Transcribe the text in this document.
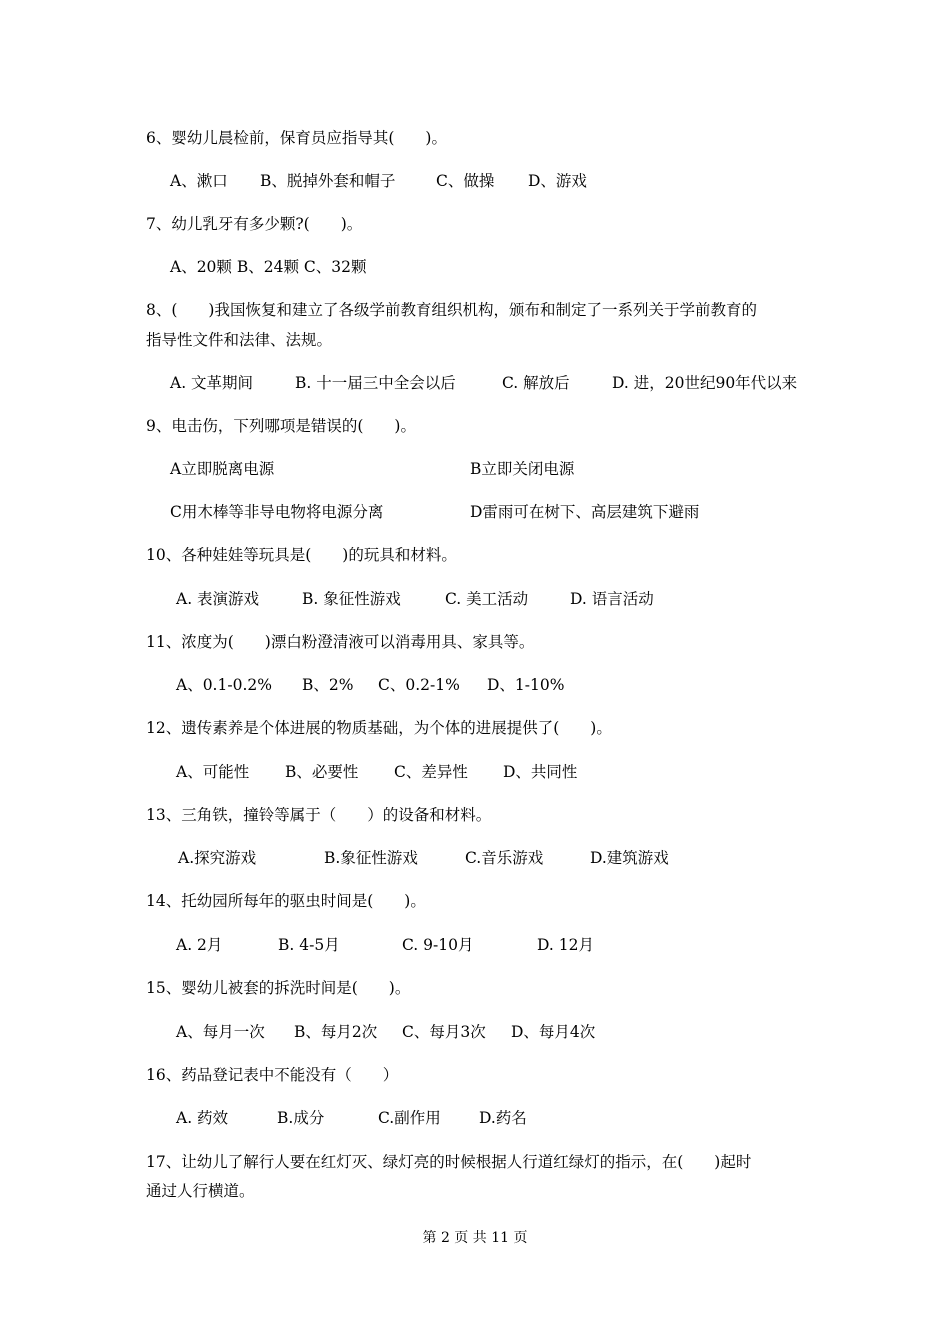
6、婴幼儿晨检前，保育员应指导其(　　)。
A、漱口 B、脱掉外套和帽子	C、做操 D、游戏
7、幼儿乳牙有多少颗?(　　)。
A、20颗 B、24颗 C、32颗
8、(　　)我国恢复和建立了各级学前教育组织机构，颁布和制定了一系列关于学前教育的
指导性文件和法律、法规。
A. 文革期间	B. 十一届三中全会以后	C. 解放后	D. 进，20世纪90年代以来
9、电击伤，下列哪项是错误的(　　)。
A立即脱离电源	B立即关闭电源
C用木棒等非导电物将电源分离	D雷雨可在树下、高层建筑下避雨
10、各种娃娃等玩具是(　　)的玩具和材料。
A. 表演游戏	B. 象征性游戏	C. 美工活动	D. 语言活动
11、浓度为(　　)漂白粉澄清液可以消毒用具、家具等。
A、0.1-0.2% B、2% C、0.2-1% D、1-10%
12、遗传素养是个体进展的物质基础，为个体的进展提供了(　　)。
A、可能性 B、必要性 C、差异性 D、共同性
13、三角铁，撞铃等属于（　　）的设备和材料。
A.探究游戏	B.象征性游戏	C.音乐游戏	D.建筑游戏
14、托幼园所每年的驱虫时间是(　　)。
A. 2月	B. 4-5月	C. 9-10月	D. 12月
15、婴幼儿被套的拆洗时间是(　　)。
A、每月一次 B、每月2次 C、每月3次 D、每月4次
16、药品登记表中不能没有（　　）
A. 药效	B.成分	C.副作用 D.药名
17、让幼儿了解行人要在红灯灭、绿灯亮的时候根据人行道红绿灯的指示，在(　　)起时
通过人行横道。
第 2 页 共 11 页
